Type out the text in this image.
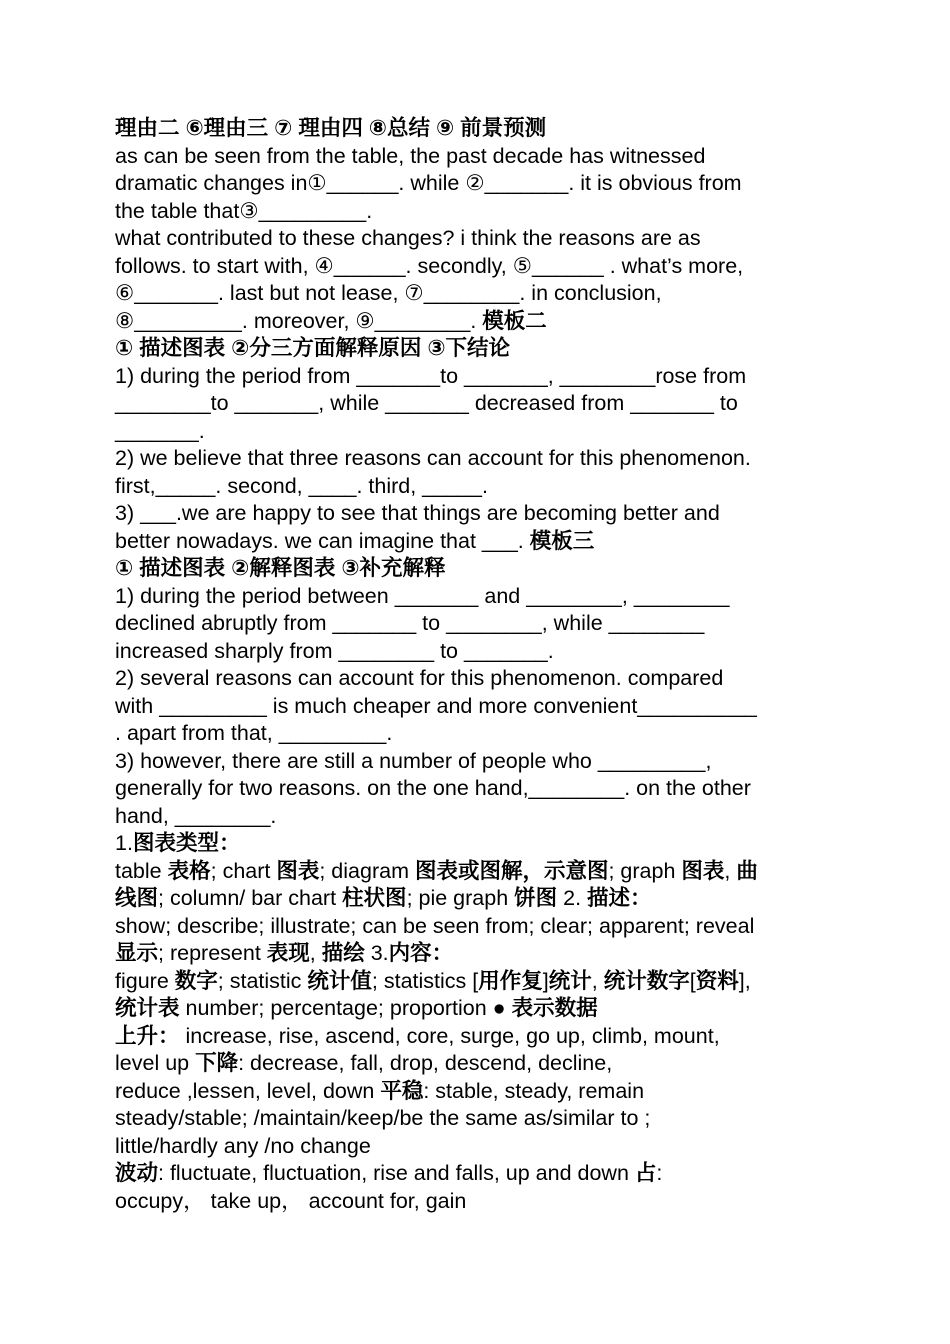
理由二 ⑥理由三 ⑦ 理由四 ⑧总结 ⑨ 前景预测
as can be seen from the table, the past decade has witnessed
dramatic changes in①______. while ②_______. it is obvious from
the table that③_________.
what contributed to these changes? i think the reasons are as
follows. to start with, ④______. secondly, ⑤______ . what’s more,
⑥_______. last but not lease, ⑦________. in conclusion,
⑧_________. moreover, ⑨________. 模板二
① 描述图表 ②分三方面解释原因 ③下结论
1) during the period from _______to _______, ________rose from
________to _______, while _______ decreased from _______ to
_______.
2) we believe that three reasons can account for this phenomenon.
first,_____. second, ____. third, _____.
3) ___.we are happy to see that things are becoming better and
better nowadays. we can imagine that ___. 模板三
① 描述图表 ②解释图表 ③补充解释
1) during the period between _______ and ________, ________
declined abruptly from _______ to ________, while ________
increased sharply from ________ to _______.
2) several reasons can account for this phenomenon. compared
with _________ is much cheaper and more convenient__________
. apart from that, _________.
3) however, there are still a number of people who _________,
generally for two reasons. on the one hand,________. on the other
hand, ________.
1.图表类型：
table 表格; chart 图表; diagram 图表或图解，示意图; graph 图表, 曲
线图; column/ bar chart 柱状图; pie graph 饼图 2. 描述：
show; describe; illustrate; can be seen from; clear; apparent; reveal
显示; represent 表现, 描绘 3.内容：
figure 数字; statistic 统计值; statistics [用作复]统计, 统计数字[资料],
统计表 number; percentage; proportion ● 表示数据
上升： increase, rise, ascend, core, surge, go up, climb, mount,
level up 下降: decrease, fall, drop, descend, decline,
reduce ,lessen, level, down 平稳: stable, steady, remain
steady/stable; /maintain/keep/be the same as/similar to ;
little/hardly any /no change
波动: fluctuate, fluctuation, rise and falls, up and down 占:
occupy， take up， account for, gain
